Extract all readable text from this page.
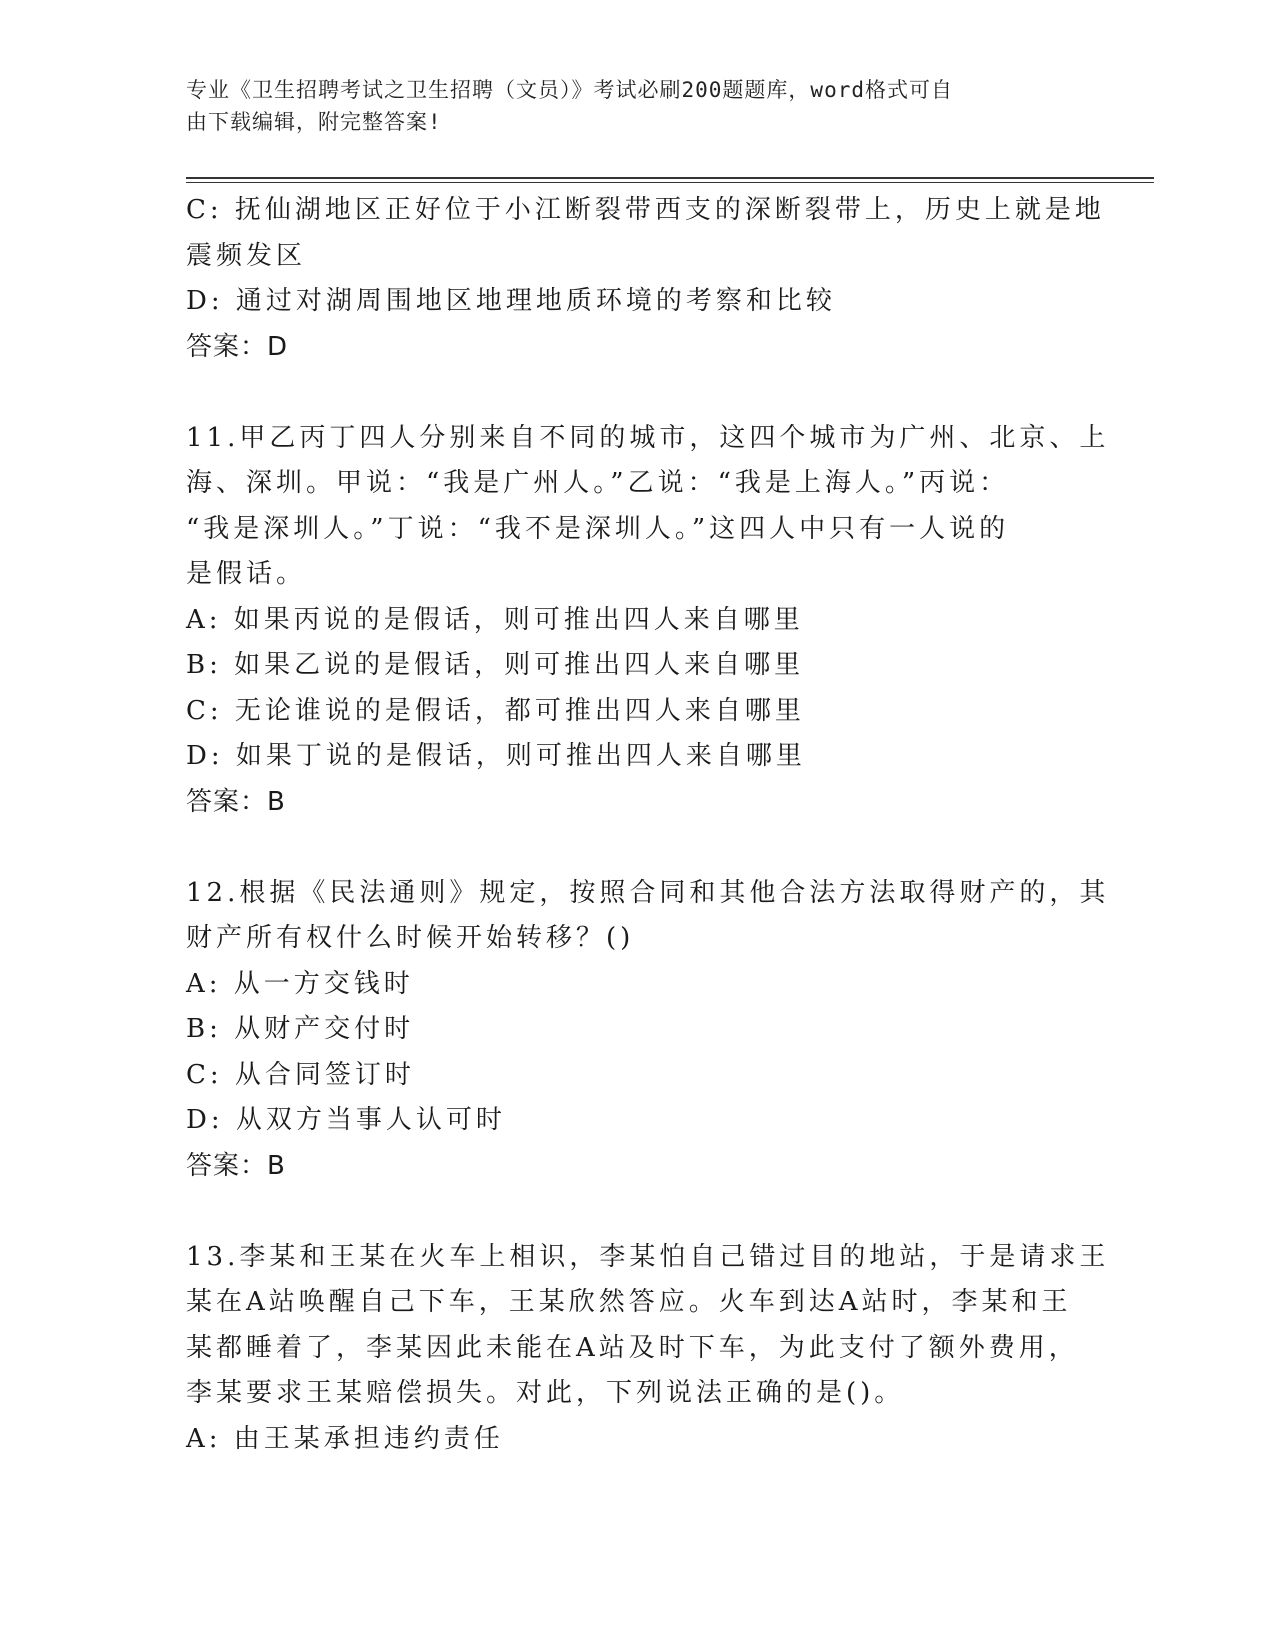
专业《卫生招聘考试之卫生招聘（文员）》考试必刷200题题库，word格式可自
由下载编辑，附完整答案!
C: 抚仙湖地区正好位于小江断裂带西支的深断裂带上，历史上就是地
震频发区
D: 通过对湖周围地区地理地质环境的考察和比较
答案：D
11.甲乙丙丁四人分别来自不同的城市，这四个城市为广州、北京、上
海、深圳。甲说：“我是广州人。”乙说：“我是上海人。”丙说：
“我是深圳人。”丁说：“我不是深圳人。”这四人中只有一人说的
是假话。
A: 如果丙说的是假话，则可推出四人来自哪里
B: 如果乙说的是假话，则可推出四人来自哪里
C: 无论谁说的是假话，都可推出四人来自哪里
D: 如果丁说的是假话，则可推出四人来自哪里
答案：B
12.根据《民法通则》规定，按照合同和其他合法方法取得财产的，其
财产所有权什么时候开始转移？()
A: 从一方交钱时
B: 从财产交付时
C: 从合同签订时
D: 从双方当事人认可时
答案：B
13.李某和王某在火车上相识，李某怕自己错过目的地站，于是请求王
某在A站唤醒自己下车，王某欣然答应。火车到达A站时，李某和王
某都睡着了，李某因此未能在A站及时下车，为此支付了额外费用，
李某要求王某赔偿损失。对此，下列说法正确的是()。
A: 由王某承担违约责任
